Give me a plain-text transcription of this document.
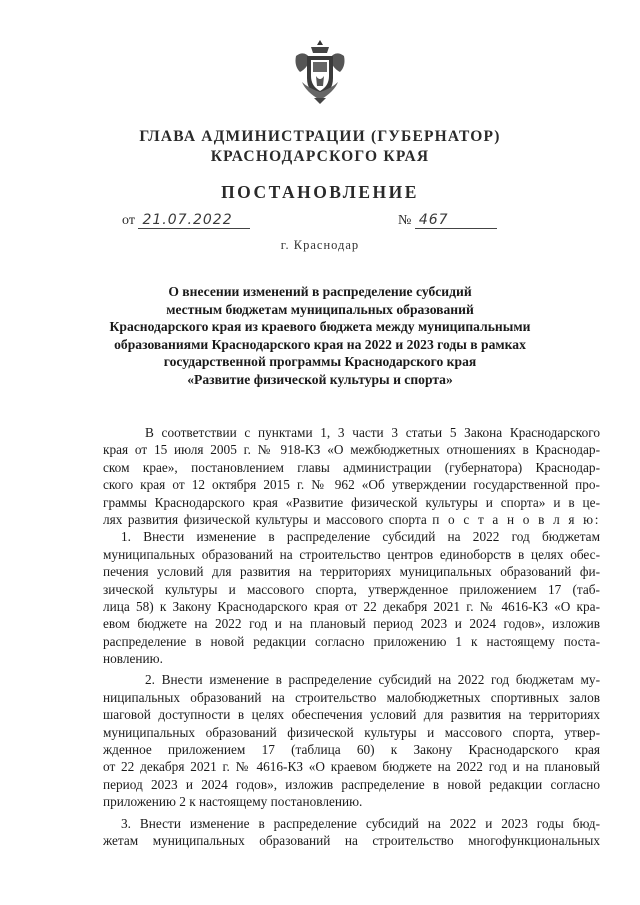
ГЛАВА АДМИНИСТРАЦИИ (ГУБЕРНАТОР)
КРАСНОДАРСКОГО КРАЯ
ПОСТАНОВЛЕНИЕ
от 21.07.2022	№ 467
г. Краснодар
О внесении изменений в распределение субсидий
местным бюджетам муниципальных образований
Краснодарского края из краевого бюджета между муниципальными
образованиями Краснодарского края на 2022 и 2023 годы в рамках
государственной программы Краснодарского края
«Развитие физической культуры и спорта»
В соответствии с пунктами 1, 3 части 3 статьи 5 Закона Краснодарского
края от 15 июля 2005 г. № 918-КЗ «О межбюджетных отношениях в Краснодар-
ском крае», постановлением главы администрации (губернатора) Краснодар-
ского края от 12 октября 2015 г. № 962 «Об утверждении государственной про-
граммы Краснодарского края «Развитие физической культуры и спорта» и в це-
лях развития физической культуры и массового спорта п о с т а н о в л я ю:
1. Внести изменение в распределение субсидий на 2022 год бюджетам
муниципальных образований на строительство центров единоборств в целях обес-
печения условий для развития на территориях муниципальных образований фи-
зической культуры и массового спорта, утвержденное приложением 17 (таб-
лица 58) к Закону Краснодарского края от 22 декабря 2021 г. № 4616-КЗ «О кра-
евом бюджете на 2022 год и на плановый период 2023 и 2024 годов», изложив
распределение в новой редакции согласно приложению 1 к настоящему поста-
новлению.
2. Внести изменение в распределение субсидий на 2022 год бюджетам му-
ниципальных образований на строительство малобюджетных спортивных залов
шаговой доступности в целях обеспечения условий для развития на территориях
муниципальных образований физической культуры и массового спорта, утвер-
жденное приложением 17 (таблица 60) к Закону Краснодарского края
от 22 декабря 2021 г. № 4616-КЗ «О краевом бюджете на 2022 год и на плановый
период 2023 и 2024 годов», изложив распределение в новой редакции согласно
приложению 2 к настоящему постановлению.
3. Внести изменение в распределение субсидий на 2022 и 2023 годы бюд-
жетам муниципальных образований на строительство многофункциональных
